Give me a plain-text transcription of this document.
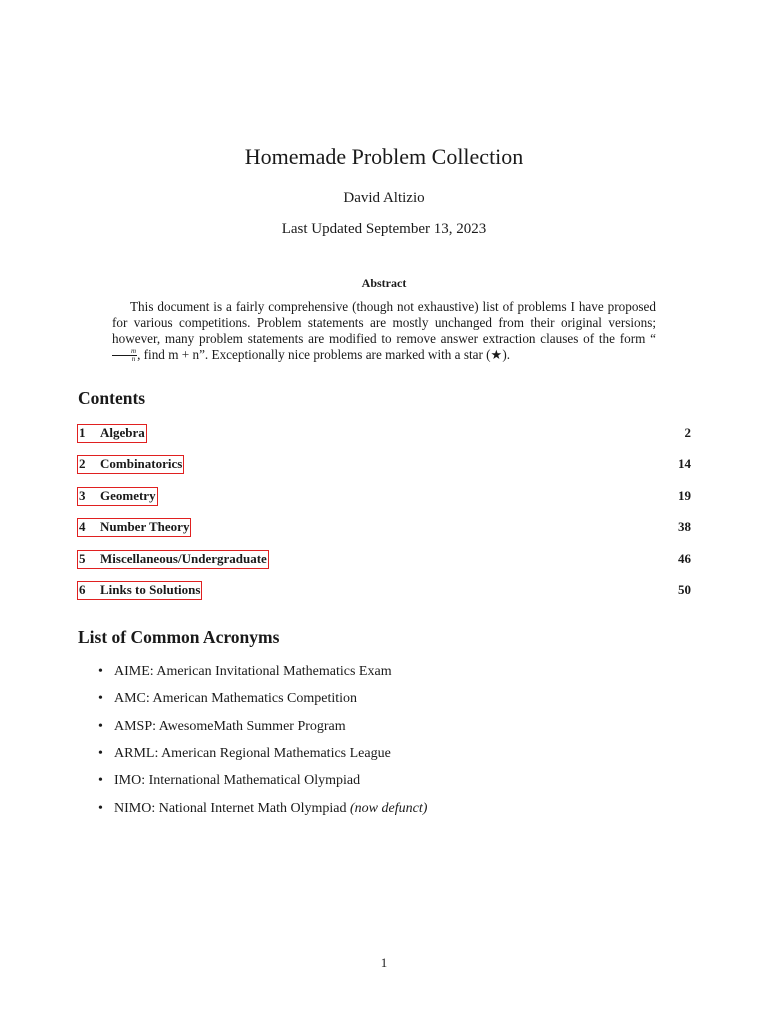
Homemade Problem Collection
David Altizio
Last Updated September 13, 2023
Abstract
This document is a fairly comprehensive (though not exhaustive) list of problems I have proposed for various competitions. Problem statements are mostly unchanged from their original versions; however, many problem statements are modified to remove answer extraction clauses of the form “
$\frac{m}{n}$ , find m + n”. Exceptionally nice problems are marked with a star (★).
Contents
1 Algebra	2
2 Combinatorics	14
3 Geometry	19
4 Number Theory	38
5 Miscellaneous/Undergraduate	46
6 Links to Solutions	50
List of Common Acronyms
• AIME: American Invitational Mathematics Exam
• AMC: American Mathematics Competition
• AMSP: AwesomeMath Summer Program
• ARML: American Regional Mathematics League
• IMO: International Mathematical Olympiad
• NIMO: National Internet Math Olympiad (now defunct)
1
